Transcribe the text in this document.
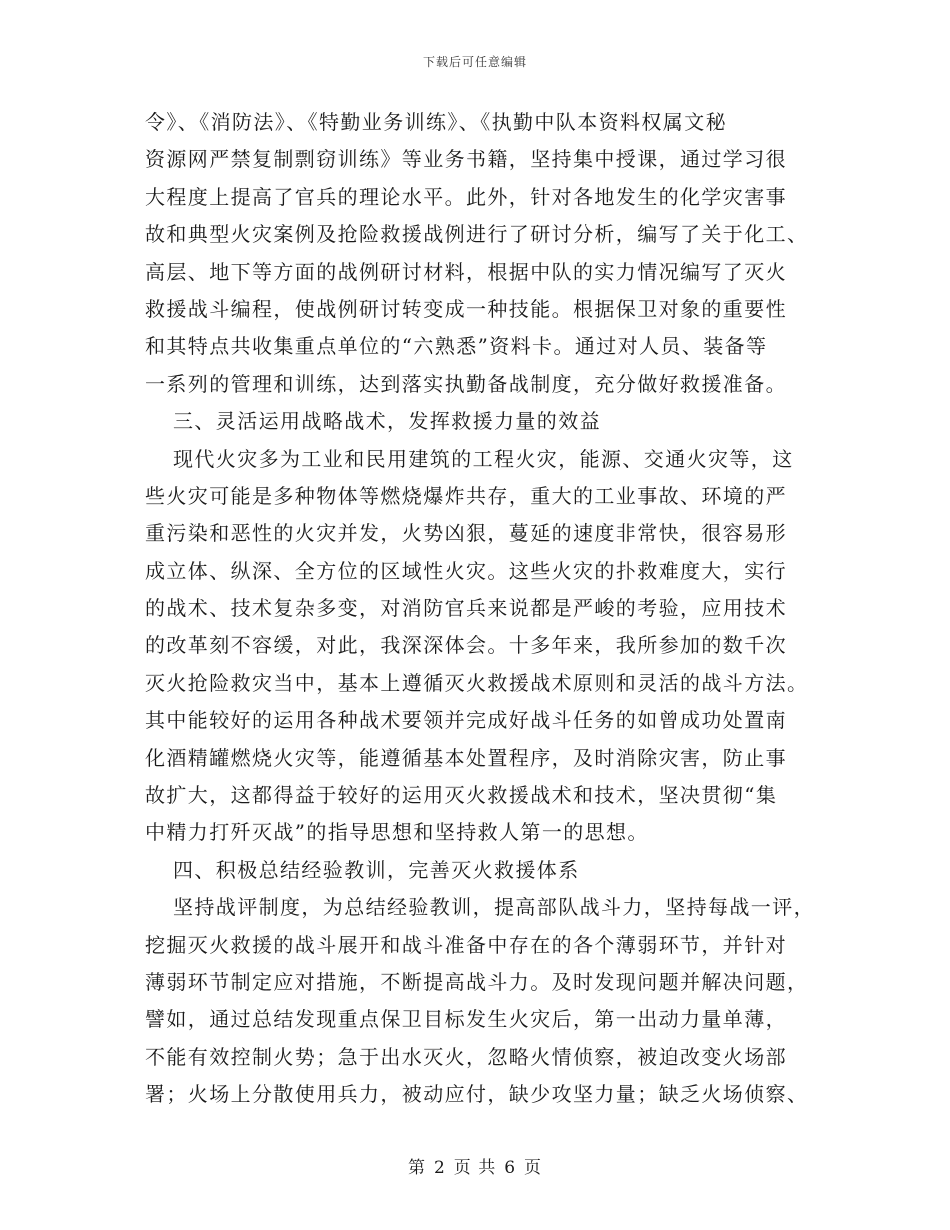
下载后可任意编辑
令》、《消防法》、《特勤业务训练》、《执勤中队本资料权属文秘
资源网严禁复制剽窃训练》等业务书籍，坚持集中授课，通过学习很
大程度上提高了官兵的理论水平。此外，针对各地发生的化学灾害事
故和典型火灾案例及抢险救援战例进行了研讨分析，编写了关于化工、
高层、地下等方面的战例研讨材料，根据中队的实力情况编写了灭火
救援战斗编程，使战例研讨转变成一种技能。根据保卫对象的重要性
和其特点共收集重点单位的“六熟悉”资料卡。通过对人员、装备等
一系列的管理和训练，达到落实执勤备战制度，充分做好救援准备。
三、灵活运用战略战术，发挥救援力量的效益
现代火灾多为工业和民用建筑的工程火灾，能源、交通火灾等，这
些火灾可能是多种物体等燃烧爆炸共存，重大的工业事故、环境的严
重污染和恶性的火灾并发，火势凶狠，蔓延的速度非常快，很容易形
成立体、纵深、全方位的区域性火灾。这些火灾的扑救难度大，实行
的战术、技术复杂多变，对消防官兵来说都是严峻的考验，应用技术
的改革刻不容缓，对此，我深深体会。十多年来，我所参加的数千次
灭火抢险救灾当中，基本上遵循灭火救援战术原则和灵活的战斗方法。
其中能较好的运用各种战术要领并完成好战斗任务的如曾成功处置南
化酒精罐燃烧火灾等，能遵循基本处置程序，及时消除灾害，防止事
故扩大，这都得益于较好的运用灭火救援战术和技术，坚决贯彻“集
中精力打歼灭战”的指导思想和坚持救人第一的思想。
四、积极总结经验教训，完善灭火救援体系
坚持战评制度，为总结经验教训，提高部队战斗力，坚持每战一评，
挖掘灭火救援的战斗展开和战斗准备中存在的各个薄弱环节，并针对
薄弱环节制定应对措施，不断提高战斗力。及时发现问题并解决问题，
譬如，通过总结发现重点保卫目标发生火灾后，第一出动力量单薄，
不能有效控制火势；急于出水灭火，忽略火情侦察，被迫改变火场部
署；火场上分散使用兵力，被动应付，缺少攻坚力量；缺乏火场侦察、
第 2 页 共 6 页
